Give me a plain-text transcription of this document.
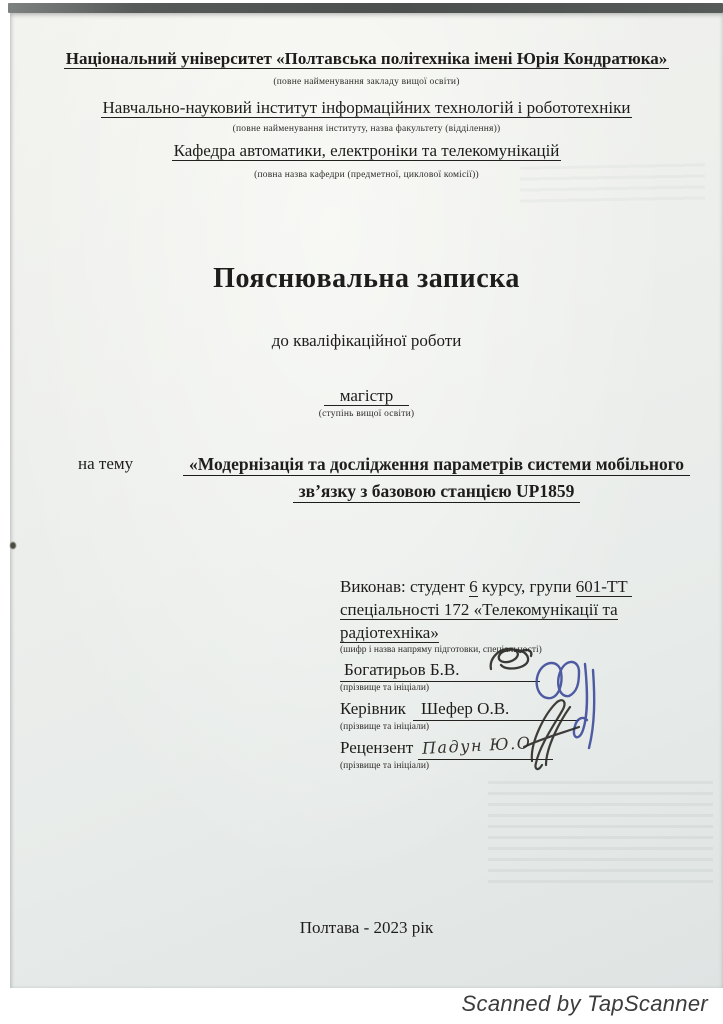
Національний університет «Полтавська політехніка імені Юрія Кондратюка»
(повне найменування закладу вищої освіти)
Навчально-науковий інститут інформаційних технологій і робототехніки
(повне найменування інституту, назва факультету (відділення))
Кафедра автоматики, електроніки та телекомунікацій
(повна назва кафедри (предметної, циклової комісії))
Пояснювальна записка
до кваліфікаційної роботи
магістр
(ступінь вищої освіти)
на тему	«Модернізація та дослідження параметрів системи мобільного
зв’язку з базовою станцією UP1859
Виконав: студент 6 курсу, групи 601-ТТ
спеціальності 172 «Телекомунікації та
радіотехніка»
(шифр і назва напряму підготовки, спеціальності)
Богатирьов Б.В.
(прізвище та ініціали)
Керівник Шефер О.В.
(прізвище та ініціали)
Рецензент Падун Ю.О
(прізвище та ініціали)
Полтава - 2023 рік
Scanned by TapScanner
